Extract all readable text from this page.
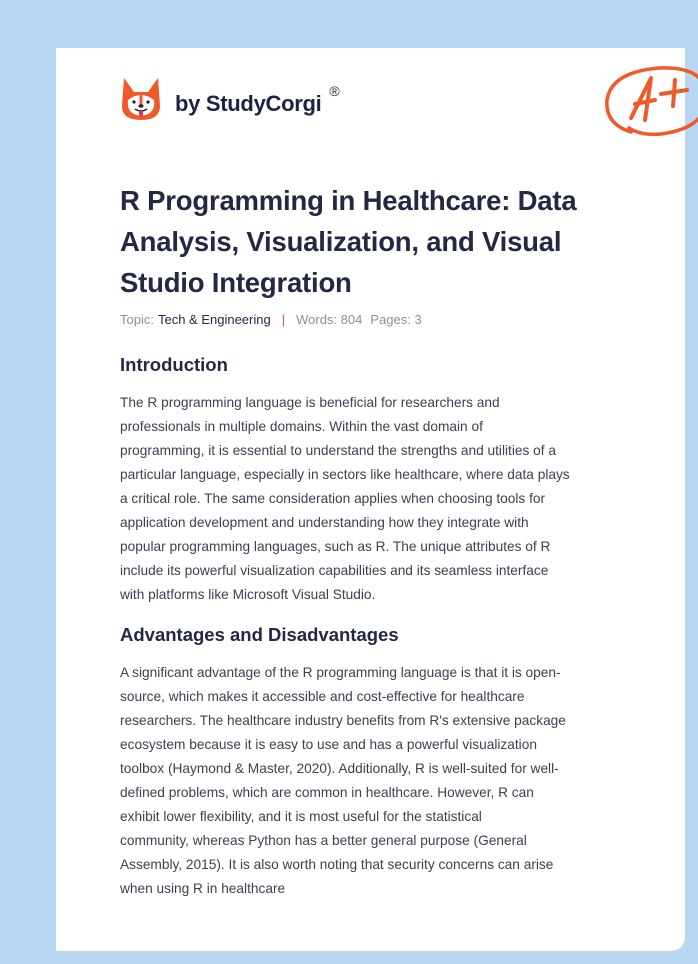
by StudyCorgi ®
R Programming in Healthcare: Data
Analysis, Visualization, and Visual
Studio Integration
Topic: Tech & Engineering | Words: 804 Pages: 3
Introduction
The R programming language is beneficial for researchers and
professionals in multiple domains. Within the vast domain of
programming, it is essential to understand the strengths and utilities of a
particular language, especially in sectors like healthcare, where data plays
a critical role. The same consideration applies when choosing tools for
application development and understanding how they integrate with
popular programming languages, such as R. The unique attributes of R
include its powerful visualization capabilities and its seamless interface
with platforms like Microsoft Visual Studio.
Advantages and Disadvantages
A significant advantage of the R programming language is that it is open-
source, which makes it accessible and cost-effective for healthcare
researchers. The healthcare industry benefits from R's extensive package
ecosystem because it is easy to use and has a powerful visualization
toolbox (Haymond & Master, 2020). Additionally, R is well-suited for well-
defined problems, which are common in healthcare. However, R can
exhibit lower flexibility, and it is most useful for the statistical
community, whereas Python has a better general purpose (General
Assembly, 2015). It is also worth noting that security concerns can arise
when using R in healthcare
